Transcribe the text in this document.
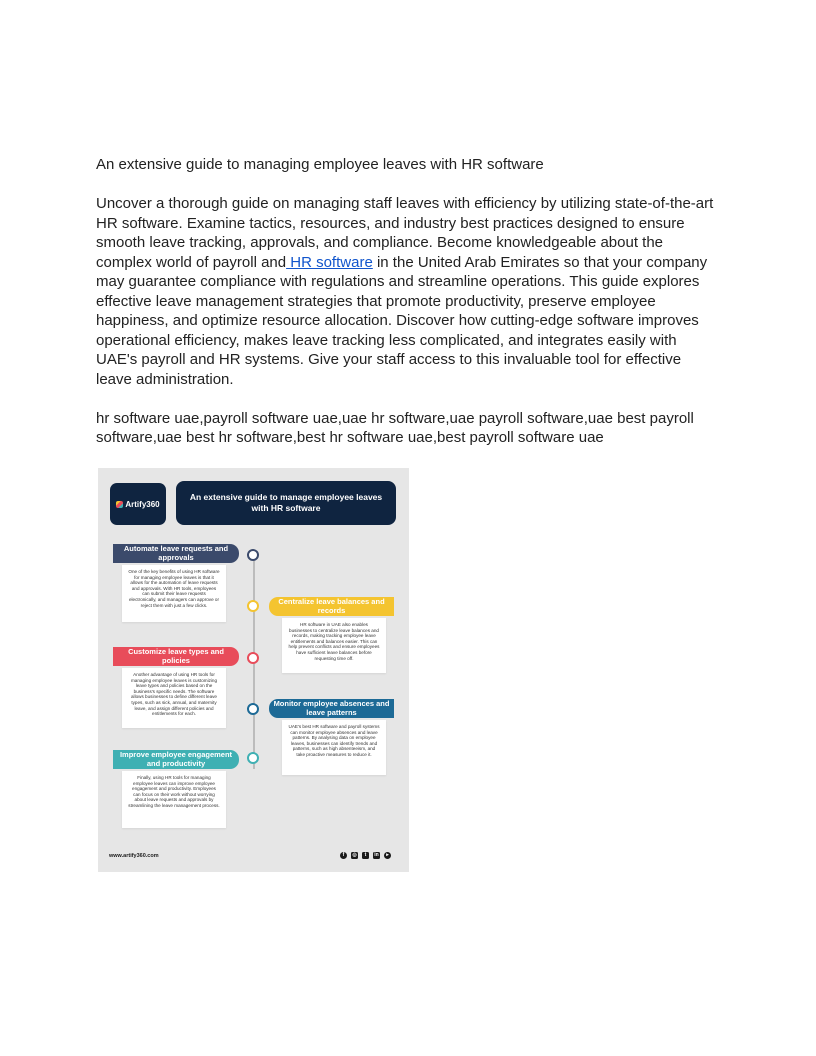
An extensive guide to managing employee leaves with HR software

Uncover a thorough guide on managing staff leaves with efficiency by utilizing state-of-the-art HR software. Examine tactics, resources, and industry best practices designed to ensure smooth leave tracking, approvals, and compliance. Become knowledgeable about the complex world of payroll and HR software in the United Arab Emirates so that your company may guarantee compliance with regulations and streamline operations. This guide explores effective leave management strategies that promote productivity, preserve employee happiness, and optimize resource allocation. Discover how cutting-edge software improves operational efficiency, makes leave tracking less complicated, and integrates easily with UAE's payroll and HR systems. Give your staff access to this invaluable tool for effective leave administration.

hr software uae,payroll software uae,uae hr software,uae payroll software,uae best payroll software,uae best hr software,best hr software uae,best payroll software uae

Artify360
An extensive guide to manage employee leaves with HR software
Automate leave requests and approvals
One of the key benefits of using HR software for managing employee leaves is that it allows for the automation of leave requests and approvals. With HR tools, employees can submit their leave requests electronically, and managers can approve or reject them with just a few clicks.	Centralize leave balances and records
HR software in UAE also enables businesses to centralize leave balances and records, making tracking employee leave entitlements and balances easier. This can help prevent conflicts and ensure employees have sufficient leave balances before requesting time off.
Customize leave types and policies
Another advantage of using HR tools for managing employee leaves is customizing leave types and policies based on the business's specific needs. The software allows businesses to define different leave types, such as sick, annual, and maternity leave, and assign different policies and entitlements for each.
Monitor employee absences and leave patterns
UAE's best HR software and payroll systems can monitor employee absences and leave patterns. By analysing data on employee leaves, businesses can identify trends and patterns, such as high absenteeism, and take proactive measures to reduce it.
Improve employee engagement and productivity
Finally, using HR tools for managing employee leaves can improve employee engagement and productivity. Employees can focus on their work without worrying about leave requests and approvals by streamlining the leave management process.
www.artify360.com	f	◎	t	in	▸
